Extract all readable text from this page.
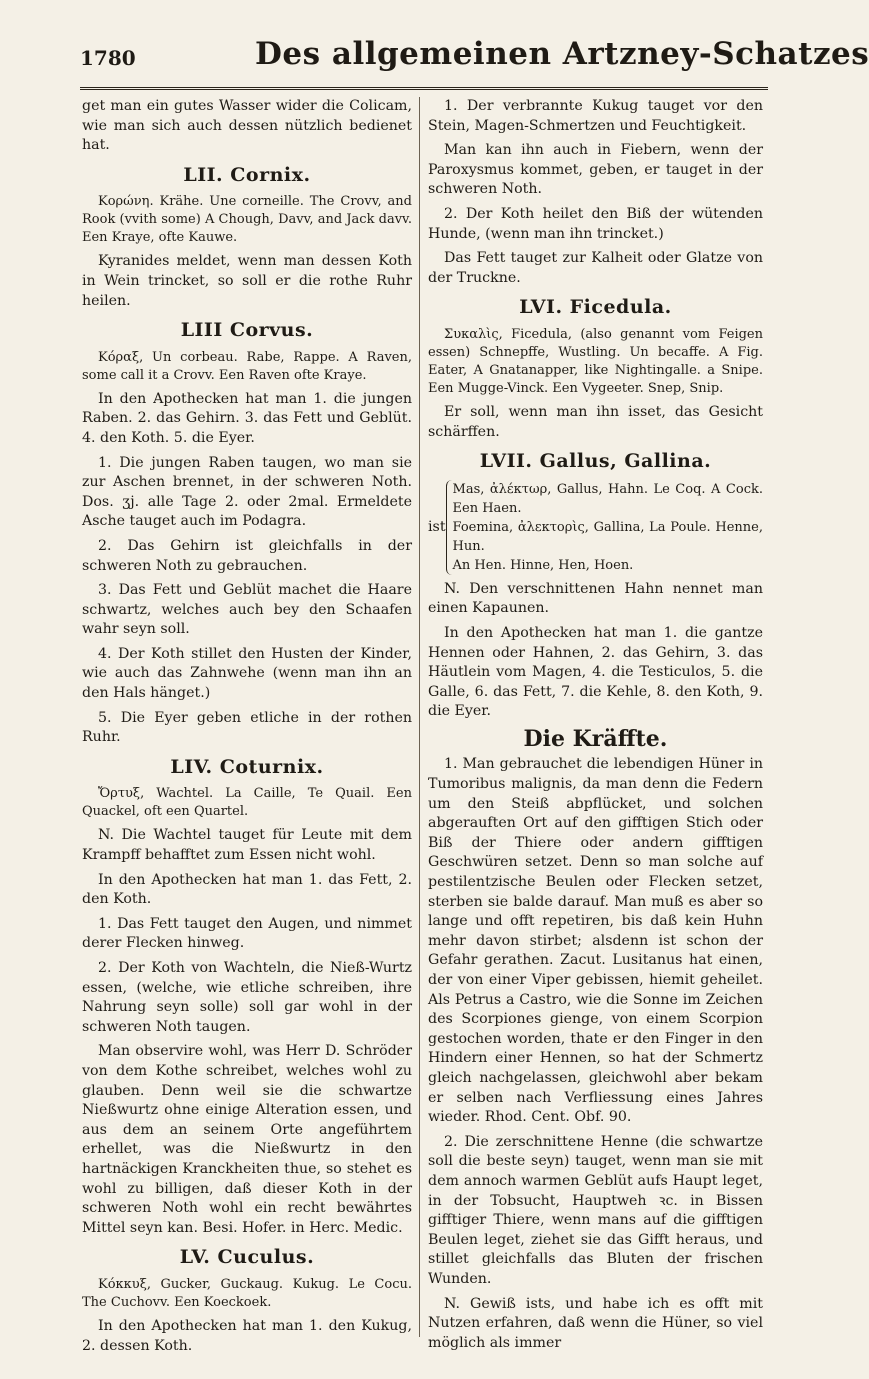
1780	Des allgemeinen Artzney-Schatzes

get man ein gutes Wasser wider die Colicam, wie man sich auch dessen nützlich bedienet hat.

LII. Cornix.

Κορώνη. Krähe. Une corneille. The Crovv, and Rook (vvith some) A Chough, Davv, and Jack davv. Een Kraye, ofte Kauwe.

Kyranides meldet, wenn man dessen Koth in Wein trincket, so soll er die rothe Ruhr heilen.

LIII Corvus.

Κόραξ, Un corbeau. Rabe, Rappe. A Raven, some call it a Crovv. Een Raven ofte Kraye.

In den Apothecken hat man 1. die jungen Raben. 2. das Gehirn. 3. das Fett und Geblüt. 4. den Koth. 5. die Eyer.

1. Die jungen Raben taugen, wo man sie zur Aschen brennet, in der schweren Noth. Dos. ʒj. alle Tage 2. oder 2mal. Ermeldete Asche tauget auch im Podagra.

2. Das Gehirn ist gleichfalls in der schweren Noth zu gebrauchen.

3. Das Fett und Geblüt machet die Haare schwartz, welches auch bey den Schaafen wahr seyn soll.

4. Der Koth stillet den Husten der Kinder, wie auch das Zahnwehe (wenn man ihn an den Hals hänget.)

5. Die Eyer geben etliche in der rothen Ruhr.

LIV. Coturnix.

Ὄρτυξ, Wachtel. La Caille, Te Quail. Een Quackel, oft een Quartel.

N. Die Wachtel tauget für Leute mit dem Krampff behafftet zum Essen nicht wohl.

In den Apothecken hat man 1. das Fett, 2. den Koth.

1. Das Fett tauget den Augen, und nimmet derer Flecken hinweg.

2. Der Koth von Wachteln, die Nieß-Wurtz essen, (welche, wie etliche schreiben, ihre Nahrung seyn solle) soll gar wohl in der schweren Noth taugen.

Man observire wohl, was Herr D. Schröder von dem Kothe schreibet, welches wohl zu glauben. Denn weil sie die schwartze Nießwurtz ohne einige Alteration essen, und aus dem an seinem Orte angeführtem erhellet, was die Nießwurtz in den hartnäckigen Kranckheiten thue, so stehet es wohl zu billigen, daß dieser Koth in der schweren Noth wohl ein recht bewährtes Mittel seyn kan. Besi. Hofer. in Herc. Medic.

LV. Cuculus.

Κόκκυξ, Gucker, Guckaug. Kukug. Le Cocu. The Cuchovv. Een Koeckoek.

In den Apothecken hat man 1. den Kukug, 2. dessen Koth.

1. Der verbrannte Kukug tauget vor den Stein, Magen-Schmertzen und Feuchtigkeit.

Man kan ihn auch in Fiebern, wenn der Paroxysmus kommet, geben, er tauget in der schweren Noth.

2. Der Koth heilet den Biß der wütenden Hunde, (wenn man ihn trincket.)

Das Fett tauget zur Kalheit oder Glatze von der Truckne.

LVI. Ficedula.

Συκαλὶς, Ficedula, (also genannt vom Feigen essen) Schnepffe, Wustling. Un becaffe. A Fig. Eater, A Gnatanapper, like Nightingalle. a Snipe. Een Mugge-Vinck. Een Vygeeter. Snep, Snip.

Er soll, wenn man ihn isset, das Gesicht schärffen.

LVII. Gallus, Gallina.
ist
Mas, ἀλέκτωρ, Gallus, Hahn. Le Coq. A Cock. Een Haen.
Foemina, ἀλεκτορὶς, Gallina, La Poule. Henne, Hun.
An Hen. Hinne, Hen, Hoen.

N. Den verschnittenen Hahn nennet man einen Kapaunen.

In den Apothecken hat man 1. die gantze Hennen oder Hahnen, 2. das Gehirn, 3. das Häutlein vom Magen, 4. die Testiculos, 5. die Galle, 6. das Fett, 7. die Kehle, 8. den Koth, 9. die Eyer.

Die Kräffte.

1. Man gebrauchet die lebendigen Hüner in Tumoribus malignis, da man denn die Federn um den Steiß abpflücket, und solchen abgerauften Ort auf den gifftigen Stich oder Biß der Thiere oder andern gifftigen Geschwüren setzet. Denn so man solche auf pestilentzische Beulen oder Flecken setzet, sterben sie balde darauf. Man muß es aber so lange und offt repetiren, bis daß kein Huhn mehr davon stirbet; alsdenn ist schon der Gefahr gerathen. Zacut. Lusitanus hat einen, der von einer Viper gebissen, hiemit geheilet. Als Petrus a Castro, wie die Sonne im Zeichen des Scorpiones gienge, von einem Scorpion gestochen worden, thate er den Finger in den Hindern einer Hennen, so hat der Schmertz gleich nachgelassen, gleichwohl aber bekam er selben nach Verfliessung eines Jahres wieder. Rhod. Cent. Obf. 90.

2. Die zerschnittene Henne (die schwartze soll die beste seyn) tauget, wenn man sie mit dem annoch warmen Geblüt aufs Haupt leget, in der Tobsucht, Hauptweh ꝛc. in Bissen gifftiger Thiere, wenn mans auf die gifftigen Beulen leget, ziehet sie das Gifft heraus, und stillet gleichfalls das Bluten der frischen Wunden.

N. Gewiß ists, und habe ich es offt mit Nutzen erfahren, daß wenn die Hüner, so viel möglich als immer
